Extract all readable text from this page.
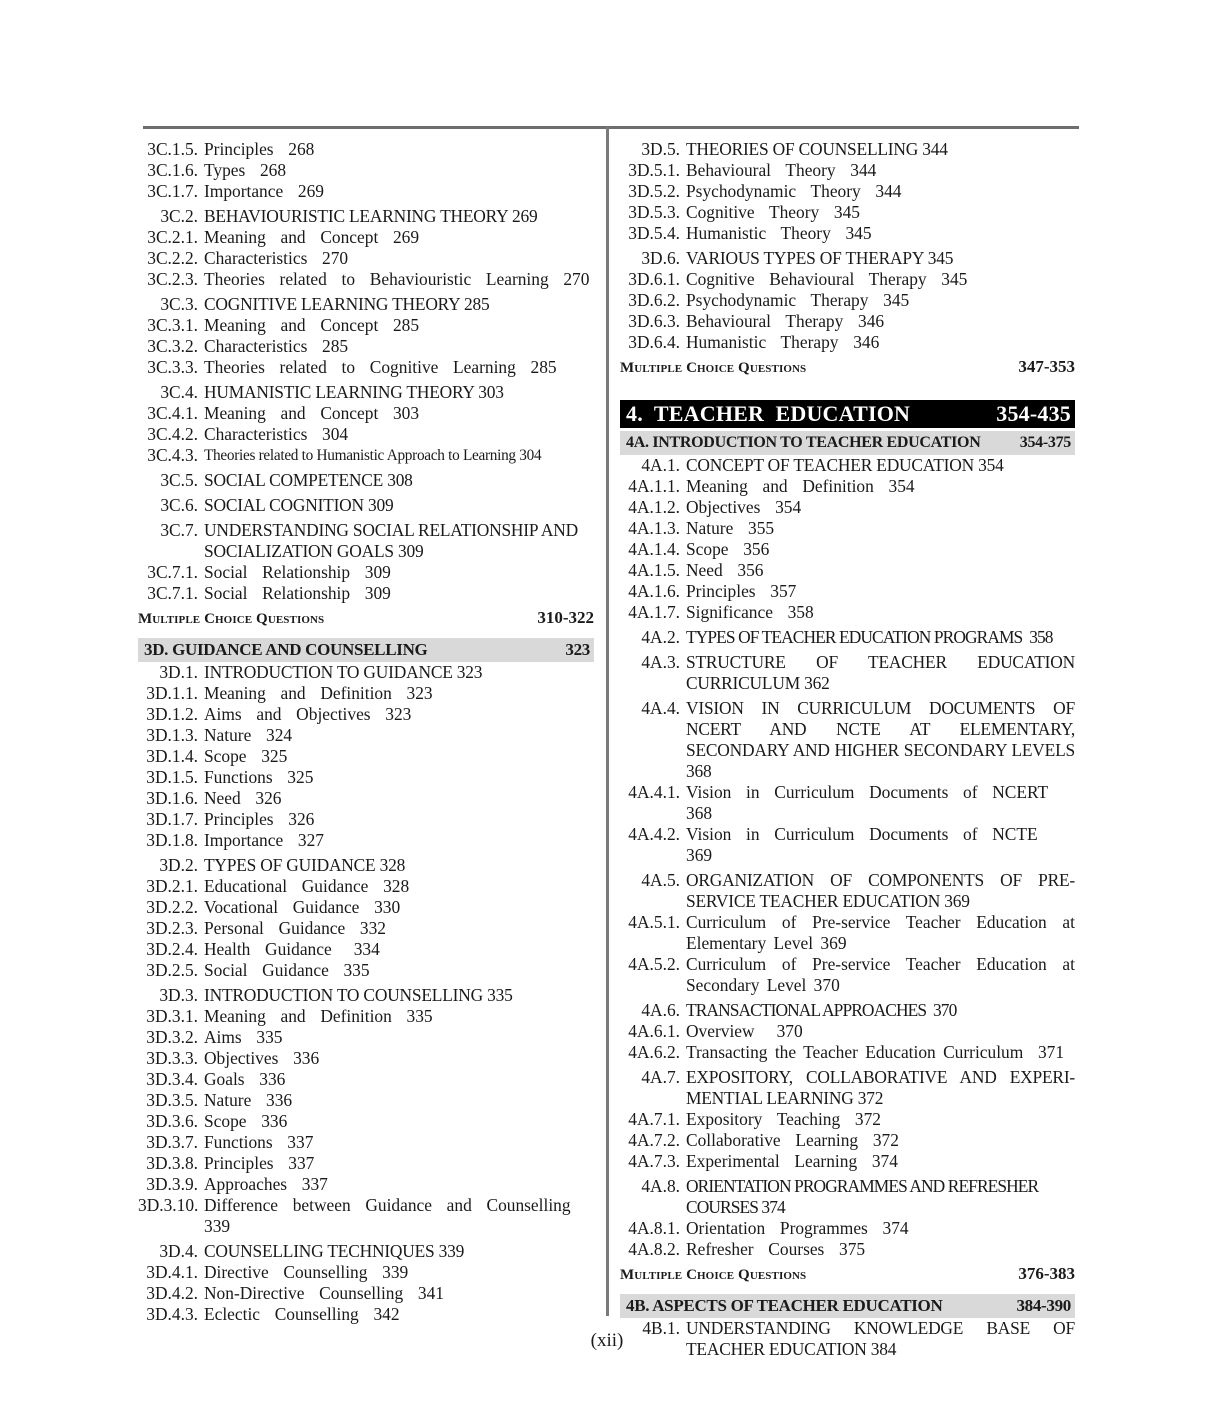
3C.1.5. Principles  268
3C.1.6. Types  268
3C.1.7. Importance  269
3C.2. BEHAVIOURISTIC LEARNING THEORY 269
3C.2.1. Meaning  and  Concept  269
3C.2.2. Characteristics  270
3C.2.3. Theories  related  to  Behaviouristic  Learning  270
3C.3. COGNITIVE LEARNING THEORY 285
3C.3.1. Meaning  and  Concept  285
3C.3.2. Characteristics  285
3C.3.3. Theories  related  to  Cognitive  Learning  285
3C.4. HUMANISTIC LEARNING THEORY 303
3C.4.1. Meaning  and  Concept  303
3C.4.2. Characteristics  304
3C.4.3. Theories related to Humanistic Approach to Learning 304
3C.5. SOCIAL COMPETENCE 308
3C.6. SOCIAL COGNITION 309
3C.7. UNDERSTANDING SOCIAL RELATIONSHIP AND SOCIALIZATION GOALS 309
3C.7.1. Social  Relationship  309
3C.7.1. Social  Relationship  309
Multiple Choice Questions	310-322
3D. GUIDANCE AND COUNSELLING	323
3D.1. INTRODUCTION TO GUIDANCE 323
3D.1.1. Meaning  and  Definition  323
3D.1.2. Aims  and  Objectives  323
3D.1.3. Nature  324
3D.1.4. Scope  325
3D.1.5. Functions  325
3D.1.6. Need  326
3D.1.7. Principles  326
3D.1.8. Importance  327
3D.2. TYPES OF GUIDANCE 328
3D.2.1. Educational  Guidance  328
3D.2.2. Vocational  Guidance  330
3D.2.3. Personal  Guidance  332
3D.2.4. Health  Guidance   334
3D.2.5. Social  Guidance  335
3D.3. INTRODUCTION TO COUNSELLING 335
3D.3.1. Meaning  and  Definition  335
3D.3.2. Aims  335
3D.3.3. Objectives  336
3D.3.4. Goals  336
3D.3.5. Nature  336
3D.3.6. Scope  336
3D.3.7. Functions  337
3D.3.8. Principles  337
3D.3.9. Approaches  337
3D.3.10. Difference  between  Guidance  and  Counselling  339
3D.4. COUNSELLING TECHNIQUES 339
3D.4.1. Directive  Counselling  339
3D.4.2. Non-Directive  Counselling  341
3D.4.3. Eclectic  Counselling  342
3D.5. THEORIES OF COUNSELLING 344
3D.5.1. Behavioural  Theory  344
3D.5.2. Psychodynamic  Theory  344
3D.5.3. Cognitive  Theory  345
3D.5.4. Humanistic  Theory  345
3D.6. VARIOUS TYPES OF THERAPY 345
3D.6.1. Cognitive  Behavioural  Therapy  345
3D.6.2. Psychodynamic  Therapy  345
3D.6.3. Behavioural  Therapy  346
3D.6.4. Humanistic  Therapy  346
Multiple Choice Questions	347-353
4.  TEACHER  EDUCATION	354-435
4A. INTRODUCTION TO TEACHER EDUCATION 354-375
4A.1. CONCEPT OF TEACHER EDUCATION 354
4A.1.1. Meaning  and  Definition  354
4A.1.2. Objectives  354
4A.1.3. Nature  355
4A.1.4. Scope  356
4A.1.5. Need  356
4A.1.6. Principles  357
4A.1.7. Significance  358
4A.2. TYPES OF TEACHER EDUCATION PROGRAMS  358
4A.3. STRUCTURE OF TEACHER EDUCATION CURRICULUM 362
4A.4. VISION IN CURRICULUM DOCUMENTS OF NCERT AND NCTE AT ELEMENTARY, SECONDARY AND HIGHER SECONDARY LEVELS 368
4A.4.1. Vision  in  Curriculum  Documents  of  NCERT   368
4A.4.2. Vision  in  Curriculum  Documents  of  NCTE    369
4A.5. ORGANIZATION OF COMPONENTS OF PRE-SERVICE TEACHER EDUCATION 369
4A.5.1. Curriculum of Pre-service Teacher Education at Elementary Level 369
4A.5.2. Curriculum of Pre-service Teacher Education at Secondary Level 370
4A.6. TRANSACTIONAL APPROACHES  370
4A.6.1. Overview   370
4A.6.2. Transacting the Teacher Education Curriculum  371
4A.7. EXPOSITORY, COLLABORATIVE AND EXPERI-MENTIAL LEARNING 372
4A.7.1. Expository  Teaching  372
4A.7.2. Collaborative  Learning  372
4A.7.3. Experimental  Learning  374
4A.8. ORIENTATION PROGRAMMES AND REFRESHER COURSES 374
4A.8.1. Orientation  Programmes  374
4A.8.2. Refresher  Courses  375
Multiple Choice Questions	376-383
4B. ASPECTS OF TEACHER EDUCATION	384-390
4B.1. UNDERSTANDING KNOWLEDGE BASE OF TEACHER EDUCATION 384
(xii)
